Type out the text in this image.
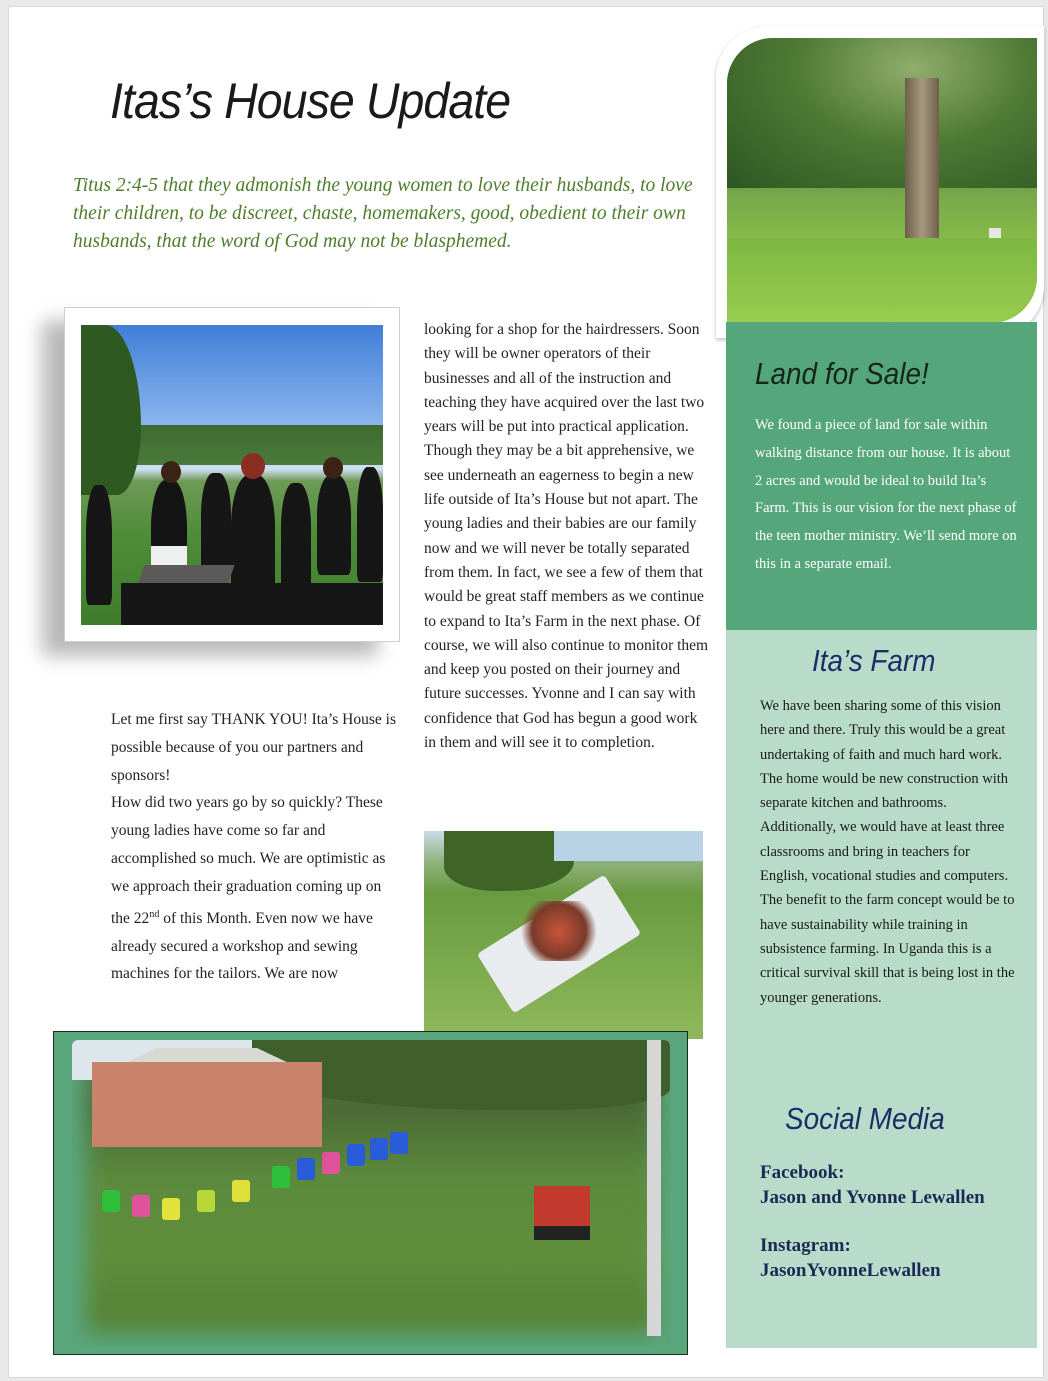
Itas’s House Update
Titus 2:4-5 that they admonish the young women to love their husbands, to love their children, to be discreet, chaste, homemakers, good, obedient to their own husbands, that the word of God may not be blasphemed.
looking for a shop for the hairdressers. Soon they will be owner operators of their businesses and all of the instruction and teaching they have acquired over the last two years will be put into practical application. Though they may be a bit apprehensive, we see underneath an eagerness to begin a new life outside of Ita’s House but not apart. The young ladies and their babies are our family now and we will never be totally separated from them. In fact, we see a few of them that would be great staff members as we continue to expand to Ita’s Farm in the next phase. Of course, we will also continue to monitor them and keep you posted on their journey and future successes. Yvonne and I can say with confidence that God has begun a good work in them and will see it to completion.
Let me first say THANK YOU! Ita’s House is possible because of you our partners and sponsors!
How did two years go by so quickly? These young ladies have come so far and accomplished so much. We are optimistic as we approach their graduation coming up on the 22nd of this Month. Even now we have already secured a workshop and sewing machines for the tailors. We are now
Land for Sale!
We found a piece of land for sale within walking distance from our house. It is about 2 acres and would be ideal to build Ita’s Farm. This is our vision for the next phase of the teen mother ministry. We’ll send more on this in a separate email.
Ita’s Farm
We have been sharing some of this vision here and there. Truly this would be a great undertaking of faith and much hard work. The home would be new construction with separate kitchen and bathrooms. Additionally, we would have at least three classrooms and bring in teachers for English, vocational studies and computers. The benefit to the farm concept would be to have sustainability while training in subsistence farming. In Uganda this is a critical survival skill that is being lost in the younger generations.
Social Media
Facebook:
Jason and Yvonne Lewallen
Instagram:
JasonYvonneLewallen
